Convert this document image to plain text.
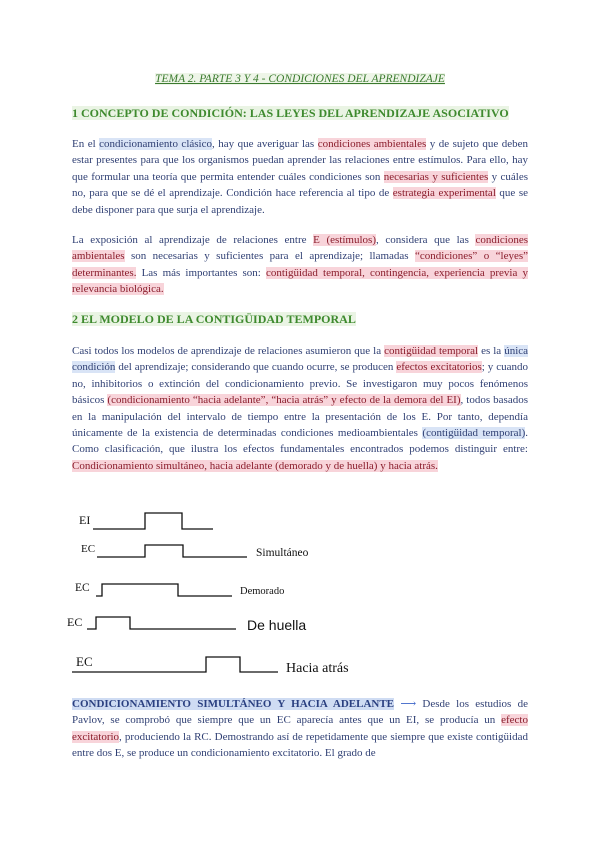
TEMA 2. PARTE 3 Y 4 - CONDICIONES DEL APRENDIZAJE
1 CONCEPTO DE CONDICIÓN: LAS LEYES DEL APRENDIZAJE ASOCIATIVO

En el condicionamiento clásico, hay que averiguar las condiciones ambientales y de sujeto que deben estar presentes para que los organismos puedan aprender las relaciones entre estímulos. Para ello, hay que formular una teoría que permita entender cuáles condiciones son necesarias y suficientes y cuáles no, para que se dé el aprendizaje. Condición hace referencia al tipo de estrategia experimental que se debe disponer para que surja el aprendizaje.

La exposición al aprendizaje de relaciones entre E (estímulos), considera que las condiciones ambientales son necesarias y suficientes para el aprendizaje; llamadas “condiciones” o “leyes” determinantes. Las más importantes son: contigüidad temporal, contingencia, experiencia previa y relevancia biológica.

2 EL MODELO DE LA CONTIGÜIDAD TEMPORAL

Casi todos los modelos de aprendizaje de relaciones asumieron que la contigüidad temporal es la única condición del aprendizaje; considerando que cuando ocurre, se producen efectos excitatorios; y cuando no, inhibitorios o extinción del condicionamiento previo. Se investigaron muy pocos fenómenos básicos (condicionamiento “hacia adelante”, “hacia atrás” y efecto de la demora del EI), todos basados en la manipulación del intervalo de tiempo entre la presentación de los E. Por tanto, dependía únicamente de la existencia de determinadas condiciones medioambientales (contigüidad temporal). Como clasificación, que ilustra los efectos fundamentales encontrados podemos distinguir entre: Condicionamiento simultáneo, hacia adelante (demorado y de huella) y hacia atrás.

EI
EC	Simultáneo
EC	Demorado
EC	De huella
EC	Hacia atrás

CONDICIONAMIENTO SIMULTÁNEO Y HACIA ADELANTE ⟶ Desde los estudios de Pavlov, se comprobó que siempre que un EC aparecía antes que un EI, se producía un efecto excitatorio, produciendo la RC. Demostrando así de repetidamente que siempre que existe contigüidad entre dos E, se produce un condicionamiento excitatorio. El grado de
